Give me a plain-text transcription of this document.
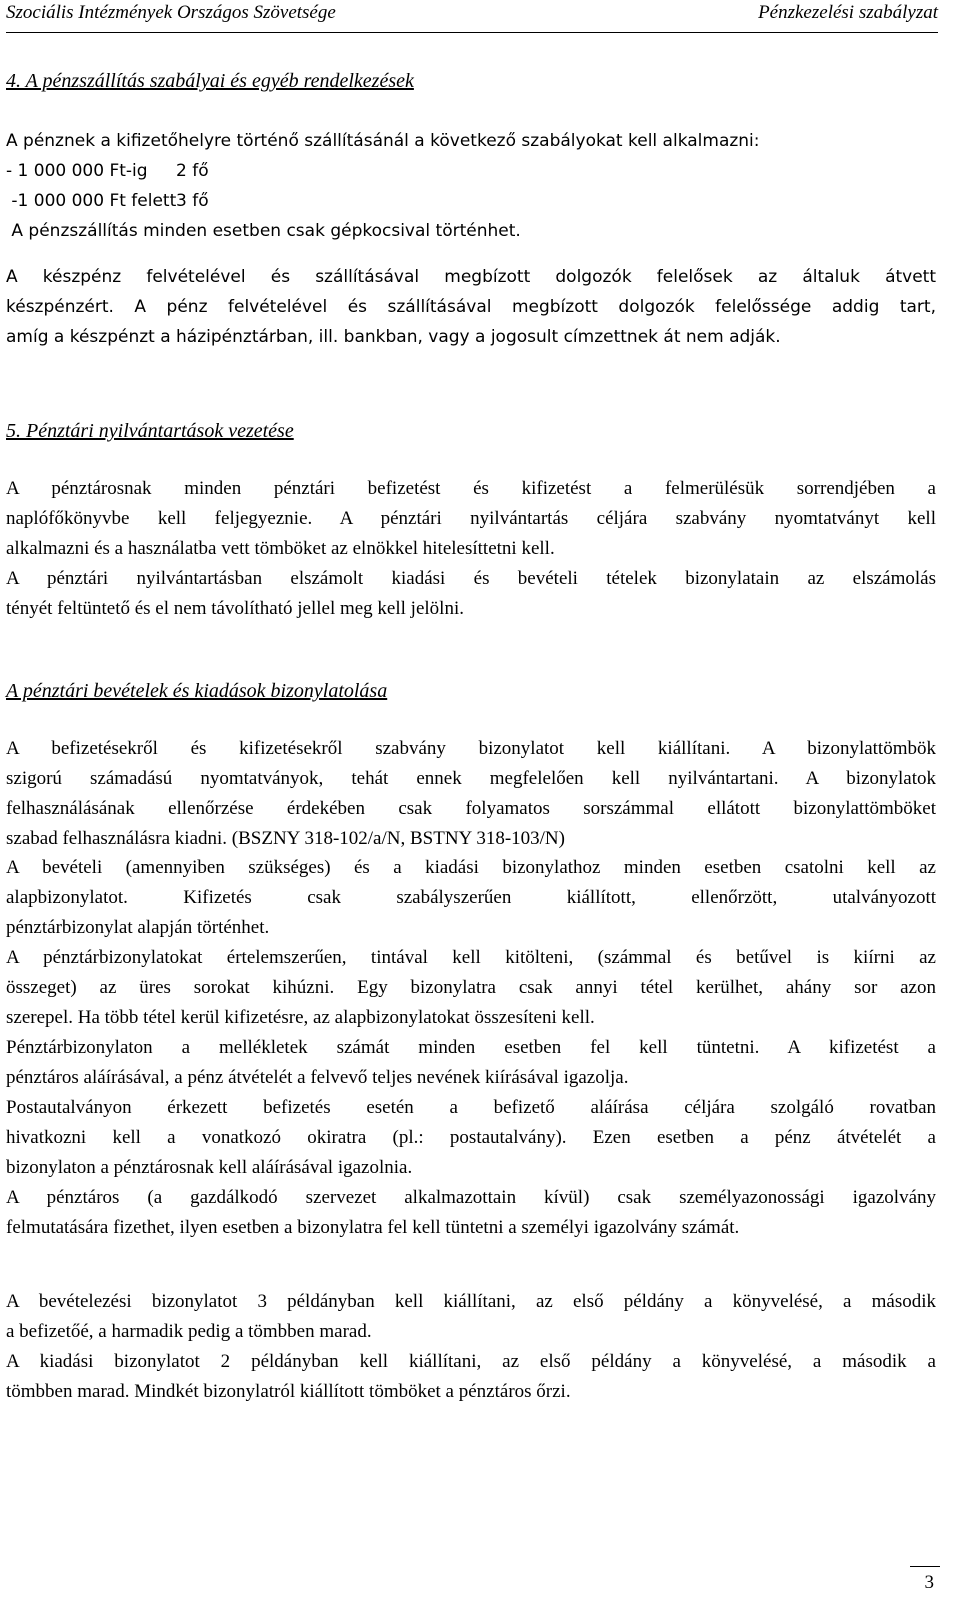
Szociális Intézmények Országos Szövetsége	Pénzkezelési szabályzat
4. A pénzszállítás szabályai és egyéb rendelkezések
A pénznek a kifizetőhelyre történő szállításánál a következő szabályokat kell alkalmazni:
- 1 000 000 Ft-ig 2 fő
-1 000 000 Ft felett 3 fő
A pénzszállítás minden esetben csak gépkocsival történhet.
A készpénz felvételével és szállításával megbízott dolgozók felelősek az általuk átvett
készpénzért. A pénz felvételével és szállításával megbízott dolgozók felelőssége addig tart,
amíg a készpénzt a házipénztárban, ill. bankban, vagy a jogosult címzettnek át nem adják.
5. Pénztári nyilvántartások vezetése
A pénztárosnak minden pénztári befizetést és kifizetést a felmerülésük sorrendjében a
naplófőkönyvbe kell feljegyeznie. A pénztári nyilvántartás céljára szabvány nyomtatványt kell
alkalmazni és a használatba vett tömböket az elnökkel hitelesíttetni kell.
A pénztári nyilvántartásban elszámolt kiadási és bevételi tételek bizonylatain az elszámolás
tényét feltüntető és el nem távolítható jellel meg kell jelölni.
A pénztári bevételek és kiadások bizonylatolása
A befizetésekről és kifizetésekről szabvány bizonylatot kell kiállítani. A bizonylattömbök
szigorú számadású nyomtatványok, tehát ennek megfelelően kell nyilvántartani. A bizonylatok
felhasználásának ellenőrzése érdekében csak folyamatos sorszámmal ellátott bizonylattömböket
szabad felhasználásra kiadni. (BSZNY 318-102/a/N, BSTNY 318-103/N)
A bevételi (amennyiben szükséges) és a kiadási bizonylathoz minden esetben csatolni kell az
alapbizonylatot. Kifizetés csak szabályszerűen kiállított, ellenőrzött, utalványozott
pénztárbizonylat alapján történhet.
A pénztárbizonylatokat értelemszerűen, tintával kell kitölteni, (számmal és betűvel is kiírni az
összeget) az üres sorokat kihúzni. Egy bizonylatra csak annyi tétel kerülhet, ahány sor azon
szerepel. Ha több tétel kerül kifizetésre, az alapbizonylatokat összesíteni kell.
Pénztárbizonylaton a mellékletek számát minden esetben fel kell tüntetni. A kifizetést a
pénztáros aláírásával, a pénz átvételét a felvevő teljes nevének kiírásával igazolja.
Postautalványon érkezett befizetés esetén a befizető aláírása céljára szolgáló rovatban
hivatkozni kell a vonatkozó okiratra (pl.: postautalvány). Ezen esetben a pénz átvételét a
bizonylaton a pénztárosnak kell aláírásával igazolnia.
A pénztáros (a gazdálkodó szervezet alkalmazottain kívül) csak személyazonossági igazolvány
felmutatására fizethet, ilyen esetben a bizonylatra fel kell tüntetni a személyi igazolvány számát.
A bevételezési bizonylatot 3 példányban kell kiállítani, az első példány a könyvelésé, a második
a befizetőé, a harmadik pedig a tömbben marad.
A kiadási bizonylatot 2 példányban kell kiállítani, az első példány a könyvelésé, a második a
tömbben marad. Mindkét bizonylatról kiállított tömböket a pénztáros őrzi.
3
